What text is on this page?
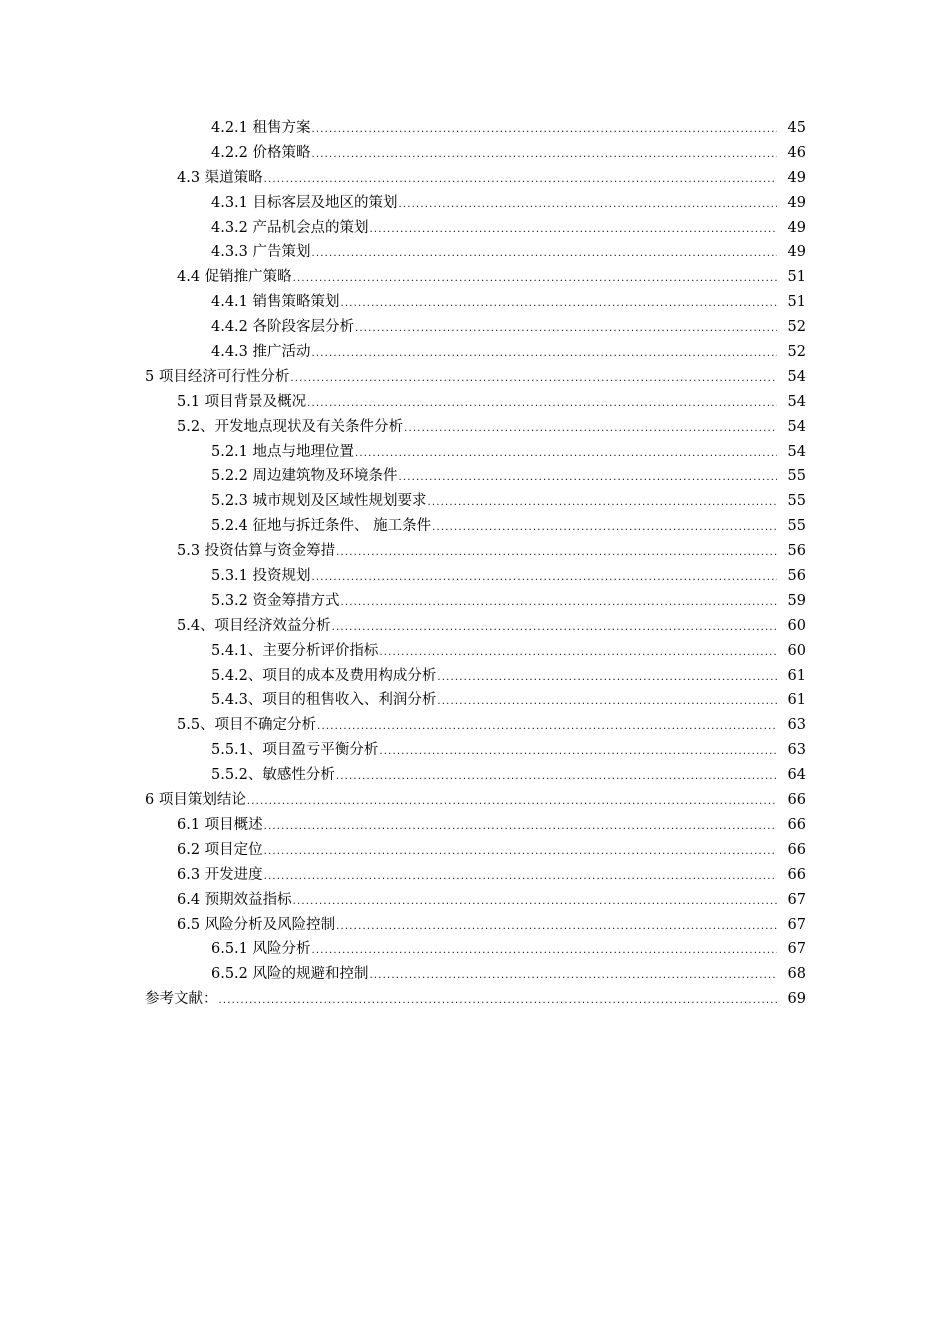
4.2.1 租售方案 .....	45
4.2.2 价格策略 .....	46
4.3 渠道策略 .....	49
4.3.1 目标客层及地区的策划 .....	49
4.3.2 产品机会点的策划 .....	49
4.3.3 广告策划 .....	49
4.4 促销推广策略 .....	51
4.4.1 销售策略策划 .....	51
4.4.2 各阶段客层分析 .....	52
4.4.3 推广活动 .....	52
5 项目经济可行性分析 .....	54
5.1 项目背景及概况 .....	54
5.2、开发地点现状及有关条件分析 .....	54
5.2.1 地点与地理位置 .....	54
5.2.2 周边建筑物及环境条件 .....	55
5.2.3 城市规划及区域性规划要求 .....	55
5.2.4 征地与拆迁条件、 施工条件 .....	55
5.3 投资估算与资金筹措 .....	56
5.3.1 投资规划 .....	56
5.3.2 资金筹措方式 .....	59
5.4、项目经济效益分析 .....	60
5.4.1、主要分析评价指标 .....	60
5.4.2、项目的成本及费用构成分析 .....	61
5.4.3、项目的租售收入、利润分析 .....	61
5.5、项目不确定分析 .....	63
5.5.1、项目盈亏平衡分析 .....	63
5.5.2、敏感性分析 .....	64
6 项目策划结论 .....	66
6.1 项目概述 .....	66
6.2 项目定位 .....	66
6.3 开发进度 .....	66
6.4 预期效益指标 .....	67
6.5 风险分析及风险控制 .....	67
6.5.1 风险分析 .....	67
6.5.2 风险的规避和控制 .....	68
参考文献： .....	69
